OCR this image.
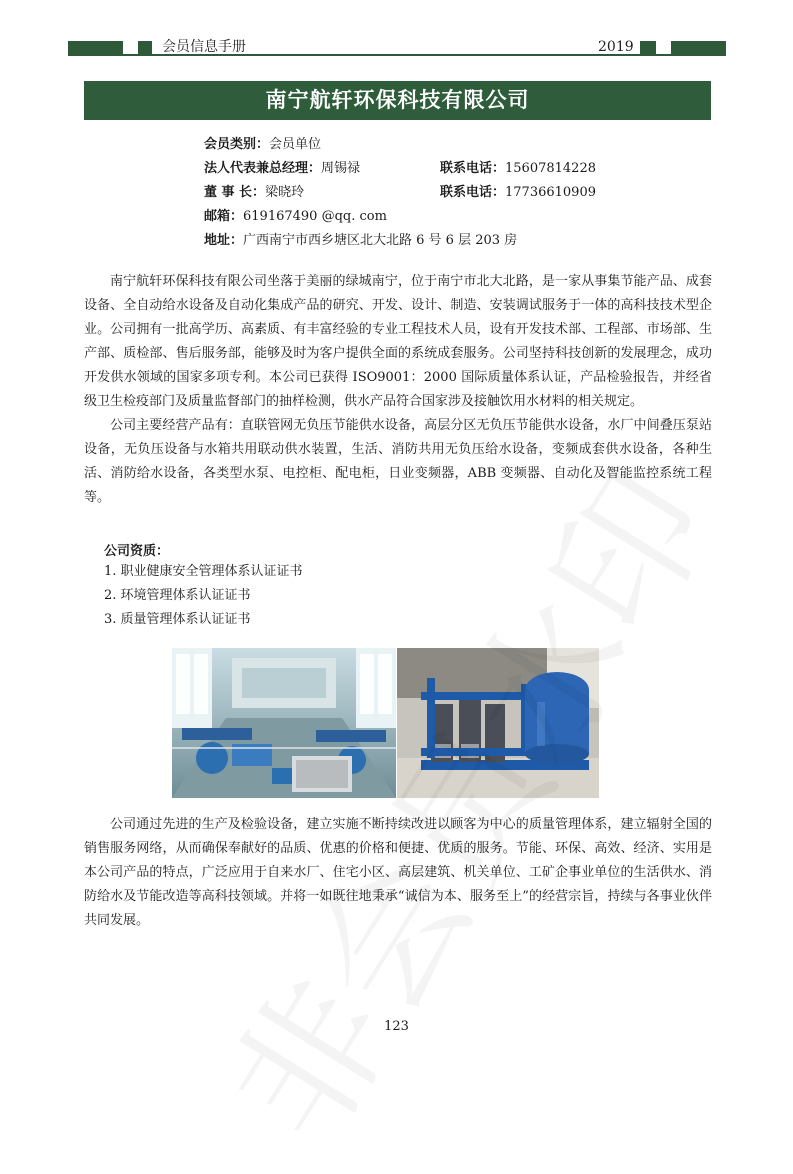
会员信息手册	2019
南宁航轩环保科技有限公司
会员类别：会员单位
法人代表兼总经理：周锡禄	联系电话：15607814228
董 事 长：梁晓玲	联系电话：17736610909
邮箱：619167490 @qq. com
地址：广西南宁市西乡塘区北大北路 6 号 6 层 203 房

南宁航轩环保科技有限公司坐落于美丽的绿城南宁，位于南宁市北大北路，是一家从事集节能产品、成套设备、全自动给水设备及自动化集成产品的研究、开发、设计、制造、安装调试服务于一体的高科技技术型企业。公司拥有一批高学历、高素质、有丰富经验的专业工程技术人员，设有开发技术部、工程部、市场部、生产部、质检部、售后服务部，能够及时为客户提供全面的系统成套服务。公司坚持科技创新的发展理念，成功开发供水领域的国家多项专利。本公司已获得 ISO9001：2000 国际质量体系认证，产品检验报告，并经省级卫生检疫部门及质量监督部门的抽样检测，供水产品符合国家涉及接触饮用水材料的相关规定。

公司主要经营产品有：直联管网无负压节能供水设备，高层分区无负压节能供水设备，水厂中间叠压泵站设备，无负压设备与水箱共用联动供水装置，生活、消防共用无负压给水设备，变频成套供水设备，各种生活、消防给水设备，各类型水泵、电控柜、配电柜，日业变频器，ABB 变频器、自动化及智能监控系统工程等。

公司资质：
1. 职业健康安全管理体系认证证书
2. 环境管理体系认证证书
3. 质量管理体系认证证书

公司通过先进的生产及检验设备，建立实施不断持续改进以顾客为中心的质量管理体系，建立辐射全国的销售服务网络，从而确保奉献好的品质、优惠的价格和便捷、优质的服务。节能、环保、高效、经济、实用是本公司产品的特点，广泛应用于自来水厂、住宅小区、高层建筑、机关单位、工矿企事业单位的生活供水、消防给水及节能改造等高科技领域。并将一如既往地秉承“诚信为本、服务至上”的经营宗旨，持续与各事业伙伴共同发展。

123
